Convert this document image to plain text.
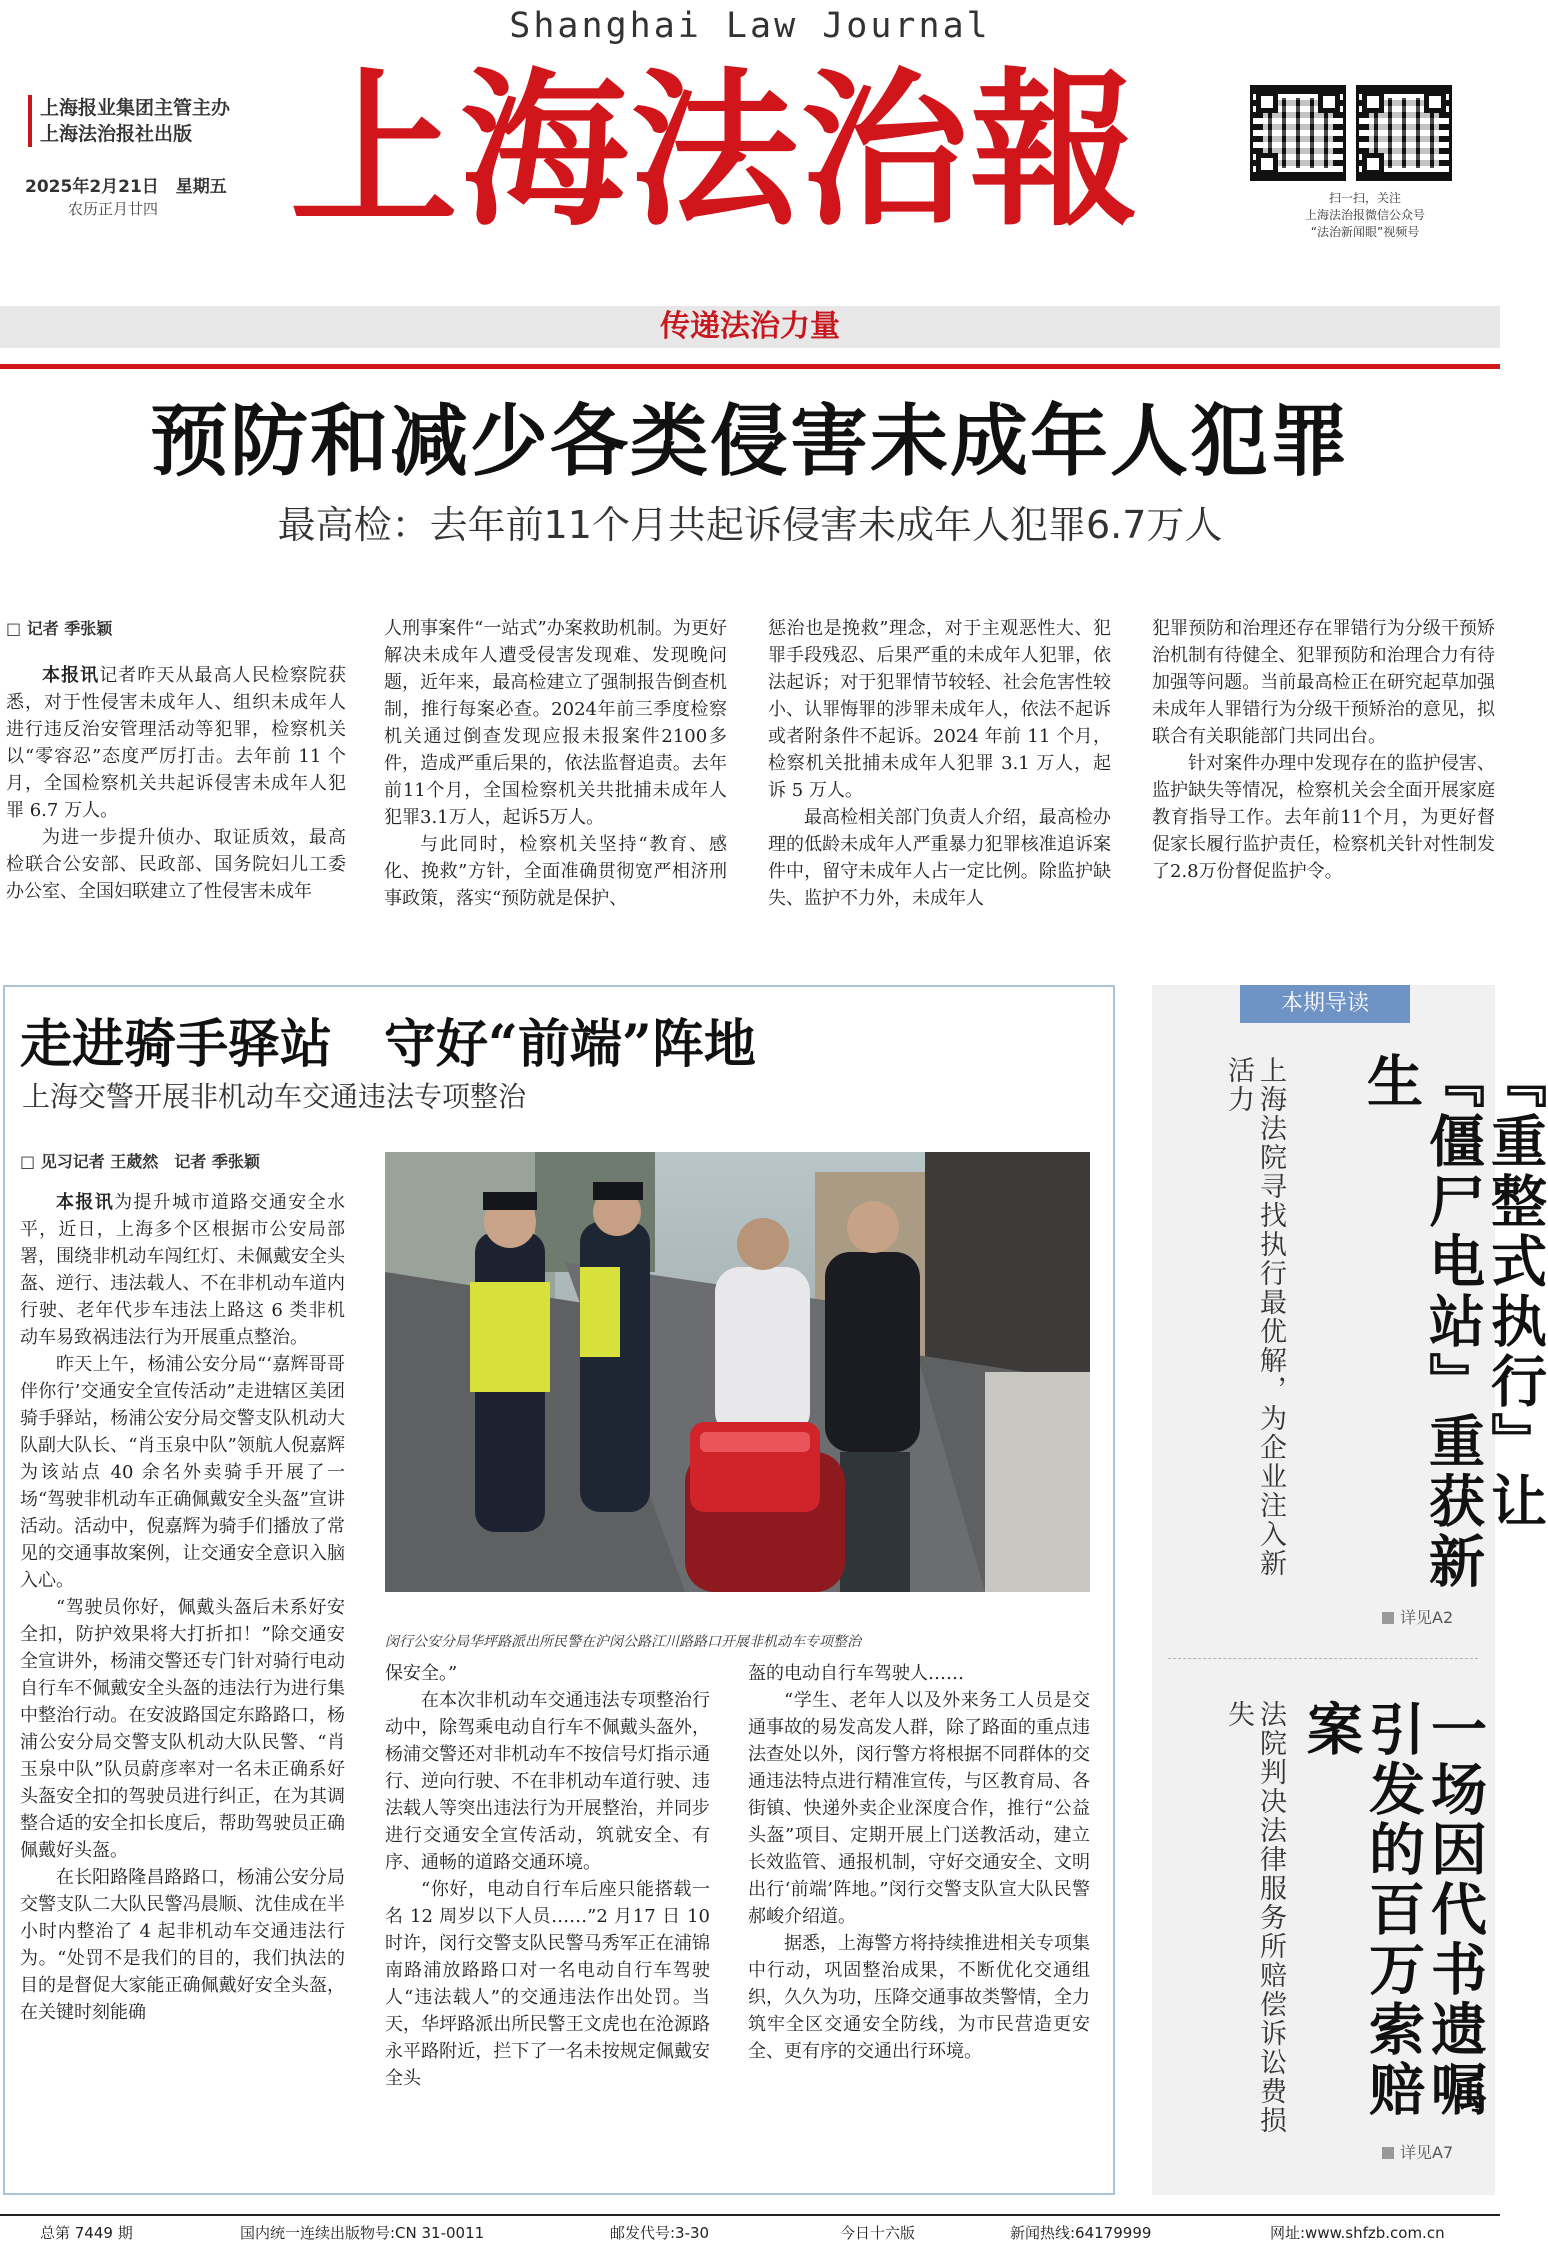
Shanghai Law Journal
上海报业集团主管主办
上海法治报社出版
2025年2月21日　星期五
农历正月廿四 上海法治報	扫一扫，关注
上海法治报微信公众号
“法治新闻眼”视频号
传递法治力量
预防和减少各类侵害未成年人犯罪
最高检：去年前11个月共起诉侵害未成年人犯罪6.7万人
□ 记者 季张颖

本报讯记者昨天从最高人民检察院获悉，对于性侵害未成年人、组织未成年人进行违反治安管理活动等犯罪，检察机关以“零容忍”态度严厉打击。去年前 11 个月，全国检察机关共起诉侵害未成年人犯罪 6.7 万人。

为进一步提升侦办、取证质效，最高检联合公安部、民政部、国务院妇儿工委办公室、全国妇联建立了性侵害未成年

人刑事案件“一站式”办案救助机制。为更好解决未成年人遭受侵害发现难、发现晚问题，近年来，最高检建立了强制报告倒查机制，推行每案必查。2024年前三季度检察机关通过倒查发现应报未报案件2100多件，造成严重后果的，依法监督追责。去年前11个月，全国检察机关共批捕未成年人犯罪3.1万人，起诉5万人。

与此同时，检察机关坚持“教育、感化、挽救”方针，全面准确贯彻宽严相济刑事政策，落实“预防就是保护、

惩治也是挽救”理念，对于主观恶性大、犯罪手段残忍、后果严重的未成年人犯罪，依法起诉；对于犯罪情节较轻、社会危害性较小、认罪悔罪的涉罪未成年人，依法不起诉或者附条件不起诉。2024 年前 11 个月，检察机关批捕未成年人犯罪 3.1 万人，起诉 5 万人。

最高检相关部门负责人介绍，最高检办理的低龄未成年人严重暴力犯罪核准追诉案件中，留守未成年人占一定比例。除监护缺失、监护不力外，未成年人

犯罪预防和治理还存在罪错行为分级干预矫治机制有待健全、犯罪预防和治理合力有待加强等问题。当前最高检正在研究起草加强未成年人罪错行为分级干预矫治的意见，拟联合有关职能部门共同出台。

针对案件办理中发现存在的监护侵害、监护缺失等情况，检察机关会全面开展家庭教育指导工作。去年前11个月，为更好督促家长履行监护责任，检察机关针对性制发了2.8万份督促监护令。

走进骑手驿站　守好“前端”阵地
上海交警开展非机动车交通违法专项整治
□ 见习记者 王葳然　记者 季张颖

本报讯为提升城市道路交通安全水平，近日，上海多个区根据市公安局部署，围绕非机动车闯红灯、未佩戴安全头盔、逆行、违法载人、不在非机动车道内行驶、老年代步车违法上路这 6 类非机动车易致祸违法行为开展重点整治。

昨天上午，杨浦公安分局“‘嘉辉哥哥伴你行’交通安全宣传活动”走进辖区美团骑手驿站，杨浦公安分局交警支队机动大队副大队长、“肖玉泉中队”领航人倪嘉辉为该站点 40 余名外卖骑手开展了一场“驾驶非机动车正确佩戴安全头盔”宣讲活动。活动中，倪嘉辉为骑手们播放了常见的交通事故案例，让交通安全意识入脑入心。

“驾驶员你好，佩戴头盔后未系好安全扣，防护效果将大打折扣！”除交通安全宣讲外，杨浦交警还专门针对骑行电动自行车不佩戴安全头盔的违法行为进行集中整治行动。在安波路国定东路路口，杨浦公安分局交警支队机动大队民警、“肖玉泉中队”队员蔚彦率对一名未正确系好头盔安全扣的驾驶员进行纠正，在为其调整合适的安全扣长度后，帮助驾驶员正确佩戴好头盔。

在长阳路隆昌路路口，杨浦公安分局交警支队二大队民警冯晨顺、沈佳成在半小时内整治了 4 起非机动车交通违法行为。“处罚不是我们的目的，我们执法的目的是督促大家能正确佩戴好安全头盔，在关键时刻能确

闵行公安分局华坪路派出所民警在沪闵公路江川路路口开展非机动车专项整治

保安全。”

在本次非机动车交通违法专项整治行动中，除驾乘电动自行车不佩戴头盔外，杨浦交警还对非机动车不按信号灯指示通行、逆向行驶、不在非机动车道行驶、违法载人等突出违法行为开展整治，并同步进行交通安全宣传活动，筑就安全、有序、通畅的道路交通环境。

“你好，电动自行车后座只能搭载一名 12 周岁以下人员……”2 月17 日 10 时许，闵行交警支队民警马秀军正在浦锦南路浦放路路口对一名电动自行车驾驶人“违法载人”的交通违法作出处罚。当天，华坪路派出所民警王文虎也在沧源路永平路附近，拦下了一名未按规定佩戴安全头

盔的电动自行车驾驶人……

“学生、老年人以及外来务工人员是交通事故的易发高发人群，除了路面的重点违法查处以外，闵行警方将根据不同群体的交通违法特点进行精准宣传，与区教育局、各街镇、快递外卖企业深度合作，推行“公益头盔”项目、定期开展上门送教活动，建立长效监管、通报机制，守好交通安全、文明出行‘前端’阵地。”闵行交警支队宣大队民警郝峻介绍道。

据悉，上海警方将持续推进相关专项集中行动，巩固整治成果，不断优化交通组织，久久为功，压降交通事故类警情，全力筑牢全区交通安全防线，为市民营造更安全、更有序的交通出行环境。

本期导读
『重整式执行』让『僵尸电站』重获新生
上海法院寻找执行最优解，为企业注入新活力
详见A2
一场因代书遗嘱引发的百万索赔案
法院判决法律服务所赔偿诉讼费损失
详见A7
总第 7449 期	国内统一连续出版物号:CN 31-0011	邮发代号:3-30	今日十六版	新闻热线:64179999	网址:www.shfzb.com.cn
